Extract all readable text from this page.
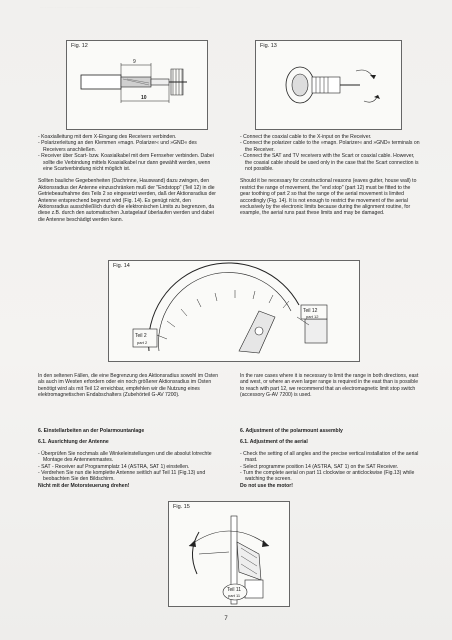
................................................................................................................................................
Fig. 12
9
10
Fig. 13
- Koaxialleitung mit dem X-Eingang des Receivers verbinden.
- Polarizerleitung an den Klemmen »magn. Polarizer« und »GND« des Receivers anschließen.
- Receiver über Scart- bzw. Koaxialkabel mit dem Fernseher verbinden. Dabei sollte die Verbindung mittels Koaxialkabel nur dann gewählt werden, wenn eine Scartverbindung nicht möglich ist.

Sollten bauliche Gegebenheiten (Dachrinne, Hauswand) dazu zwingen, den Aktionsradius der Antenne einzuschränken muß der "Endstopp" (Teil 12) in die Getriebeaufnahme des Teils 2 so eingesetzt werden, daß der Aktionsradius der Antenne entsprechend begrenzt wird (Fig. 14). Es genügt nicht, den Aktionsradius ausschließlich durch die elektronischen Limits zu begrenzen, da diese z.B. durch den automatischen Justagelauf überlaufen werden und dabei die Antenne beschädigt werden kann.

- Connect the coaxial cable to the X-input on the Receiver.
- Connect the polarizer cable to the »magn. Polarizer« and »GND« terminals on the Receiver.
- Connect the SAT and TV receivers with the Scart or coaxial cable. However, the coaxial cable should be used only in the case that the Scart connection is not possible.

Should it be necessary for constructional reasons (eaves gutter, house wall) to restrict the range of movement, the "end stop" (part 12) must be fitted to the gear toothing of part 2 so that the range of the aerial movement is limited accordingly (Fig. 14). It is not enough to restrict the movement of the aerial exclusively by the electronic limits because during the alignment routine, for example, the aerial runs past these limits and may be damaged.

Fig. 14
Teil 2
part 2
Teil 12
part 12

In den seltenen Fällen, die eine Begrenzung des Aktionsradius sowohl im Osten als auch im Westen erfordern oder ein noch größerer Aktionsradius im Osten benötigt wird als mit Teil 12 erreichbar, empfehlen wir die Nutzung eines elektromagnetischen Endabschalters (Zubehörteil G-AV 7200).

In the rare cases where it is necessary to limit the range in both directions, east and west, or where an even larger range is required in the east than is possible to reach with part 12, we recommend that an electromagnetic limit stop switch (accessory G-AV 7200) is used.

6. Einstellarbeiten an der Polarmountanlage

6.1. Ausrichtung der Antenne

- Überprüfen Sie nochmals alle Winkeleinstellungen und die absolut lotrechte Montage des Antennenmastes.
- SAT - Receiver auf Programmplatz 14 (ASTRA, SAT 1) einstellen.
- Verdrehen Sie nun die komplette Antenne seitlich auf Teil 11 (Fig.13) und beobachten Sie den Bildschirm.

Nicht mit der Motorsteuerung drehen!

6. Adjustment of the polarmount assembly

6.1. Adjustment of the aerial

- Check the setting of all angles and the precise vertical installation of the aerial mast.
- Select programme position 14 (ASTRA, SAT 1) on the SAT Receiver.
- Turn the complete aerial on part 11 clockwise or anticlockwise (Fig.13) while watching the screen.

Do not use the motor!

Fig. 15
Teil 11
part 11
7
